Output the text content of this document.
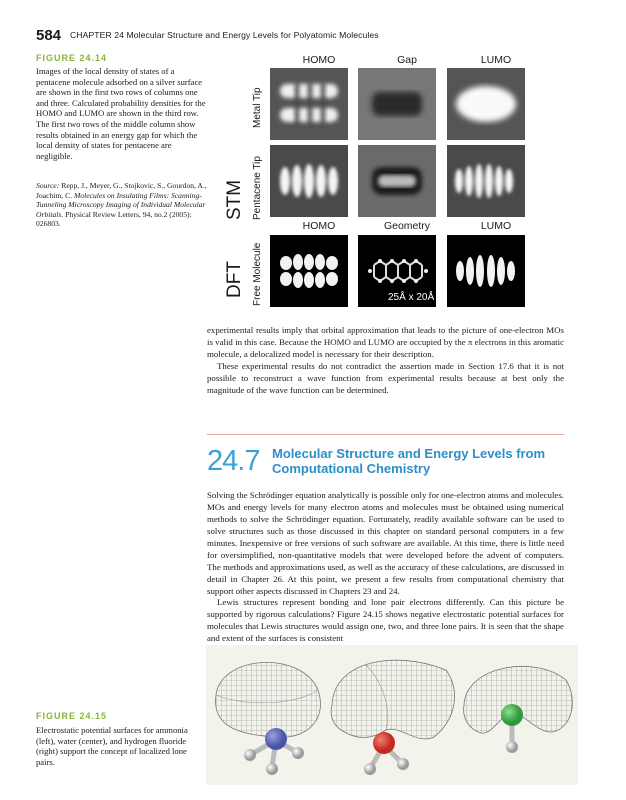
584 CHAPTER 24 Molecular Structure and Energy Levels for Polyatomic Molecules
FIGURE 24.14
Images of the local density of states of a pentacene molecule adsorbed on a silver surface are shown in the first two rows of columns one and three. Calculated probability densities for the HOMO and LUMO are shown in the third row. The first two rows of the middle column show results obtained in an energy gap for which the local density of states for pentacene are negligible.
Source: Repp, J., Meyer, G., Stojkovic, S., Gourdon, A., Joachim, C. Molecules on Insulating Films: Scanning-Tunneling Microscopy Imaging of Individual Molecular Orbitals. Physical Review Letters, 94, no.2 (2005): 026803.
HOMO	Gap	LUMO
HOMO	Geometry	LUMO
STM
DFT
Metal Tip
Pentacene Tip
Free Molecule	25Å x 20Å
experimental results imply that orbital approximation that leads to the picture of one-electron MOs is valid in this case. Because the HOMO and LUMO are occupied by the π electrons in this aromatic molecule, a delocalized model is necessary for their description.
These experimental results do not contradict the assertion made in Section 17.6 that it is not possible to reconstruct a wave function from experimental results because at best only the magnitude of the wave function can be determined.
24.7 Molecular Structure and Energy Levels from Computational Chemistry
Solving the Schrödinger equation analytically is possible only for one-electron atoms and molecules. MOs and energy levels for many electron atoms and molecules must be obtained using numerical methods to solve the Schrödinger equation. Fortunately, readily available software can be used to solve structures such as those discussed in this chapter on standard personal computers in a few minutes. Inexpensive or free versions of such software are available. At this time, there is little need for oversimplified, non-quantitative models that were developed before the advent of computers. The methods and approximations used, as well as the accuracy of these calculations, are discussed in detail in Chapter 26. At this point, we present a few results from computational chemistry that support other aspects discussed in Chapters 23 and 24.
Lewis structures represent bonding and lone pair electrons differently. Can this picture be supported by rigorous calculations? Figure 24.15 shows negative electrostatic potential surfaces for molecules that Lewis structures would assign one, two, and three lone pairs. It is seen that the shape and extent of the surfaces is consistent
FIGURE 24.15
Electrostatic potential surfaces for ammonia (left), water (center), and hydrogen fluoride (right) support the concept of localized lone pairs.
